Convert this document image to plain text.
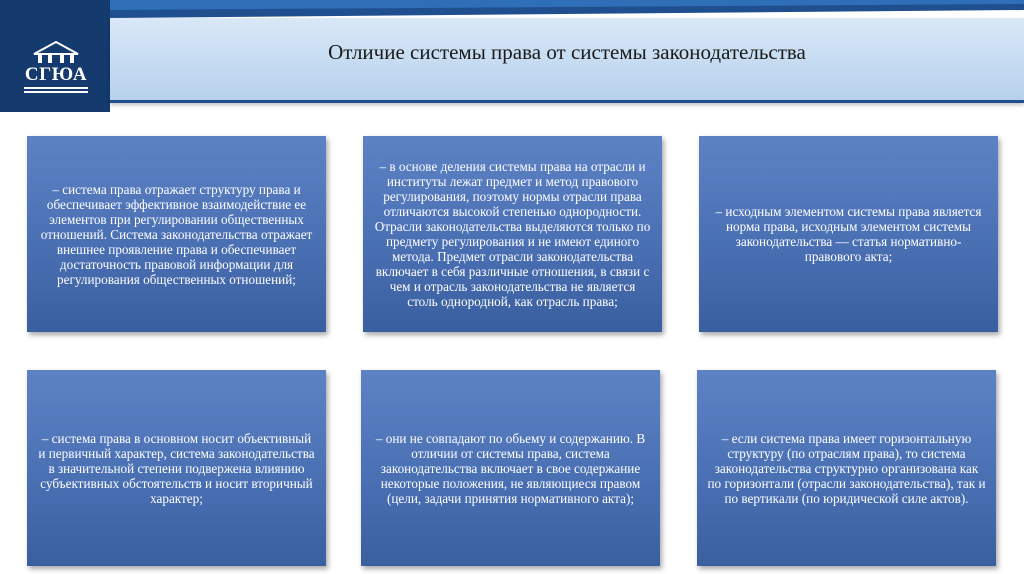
СГЮА
Отличие системы права от системы законодательства

– система права отражает структуру права и обеспечивает эффективное взаимодействие ее элементов при регулировании общественных отношений. Система законодательства отражает внешнее проявление права и обеспечивает достаточность правовой информации для регулирования общественных отношений;

– в основе деления системы права на отрасли и институты лежат предмет и метод правового регулирования, поэтому нормы отрасли права отличаются высокой степенью однородности. Отрасли законодательства выделяются только по предмету регулирования и не имеют единого метода. Предмет отрасли законодательства включает в себя различные отношения, в связи с чем и отрасль законодательства не является столь однородной, как отрасль права;

– исходным элементом системы права является норма права, исходным элементом системы законодательства — статья нормативно-правового акта;

– система права в основном носит объективный и первичный характер, система законодательства в значительной степени подвержена влиянию субъективных обстоятельств и носит вторичный характер;

– они не совпадают по обьему и содержанию. В отличии от системы права, система законодательства включает в свое содержание некоторые положения, не являющиеся правом (цели, задачи принятия нормативного акта);

– если система права имеет горизонтальную структуру (по отраслям права), то система законодательства структурно организована как по горизонтали (отрасли законодательства), так и по вертикали (по юридической силе актов).
